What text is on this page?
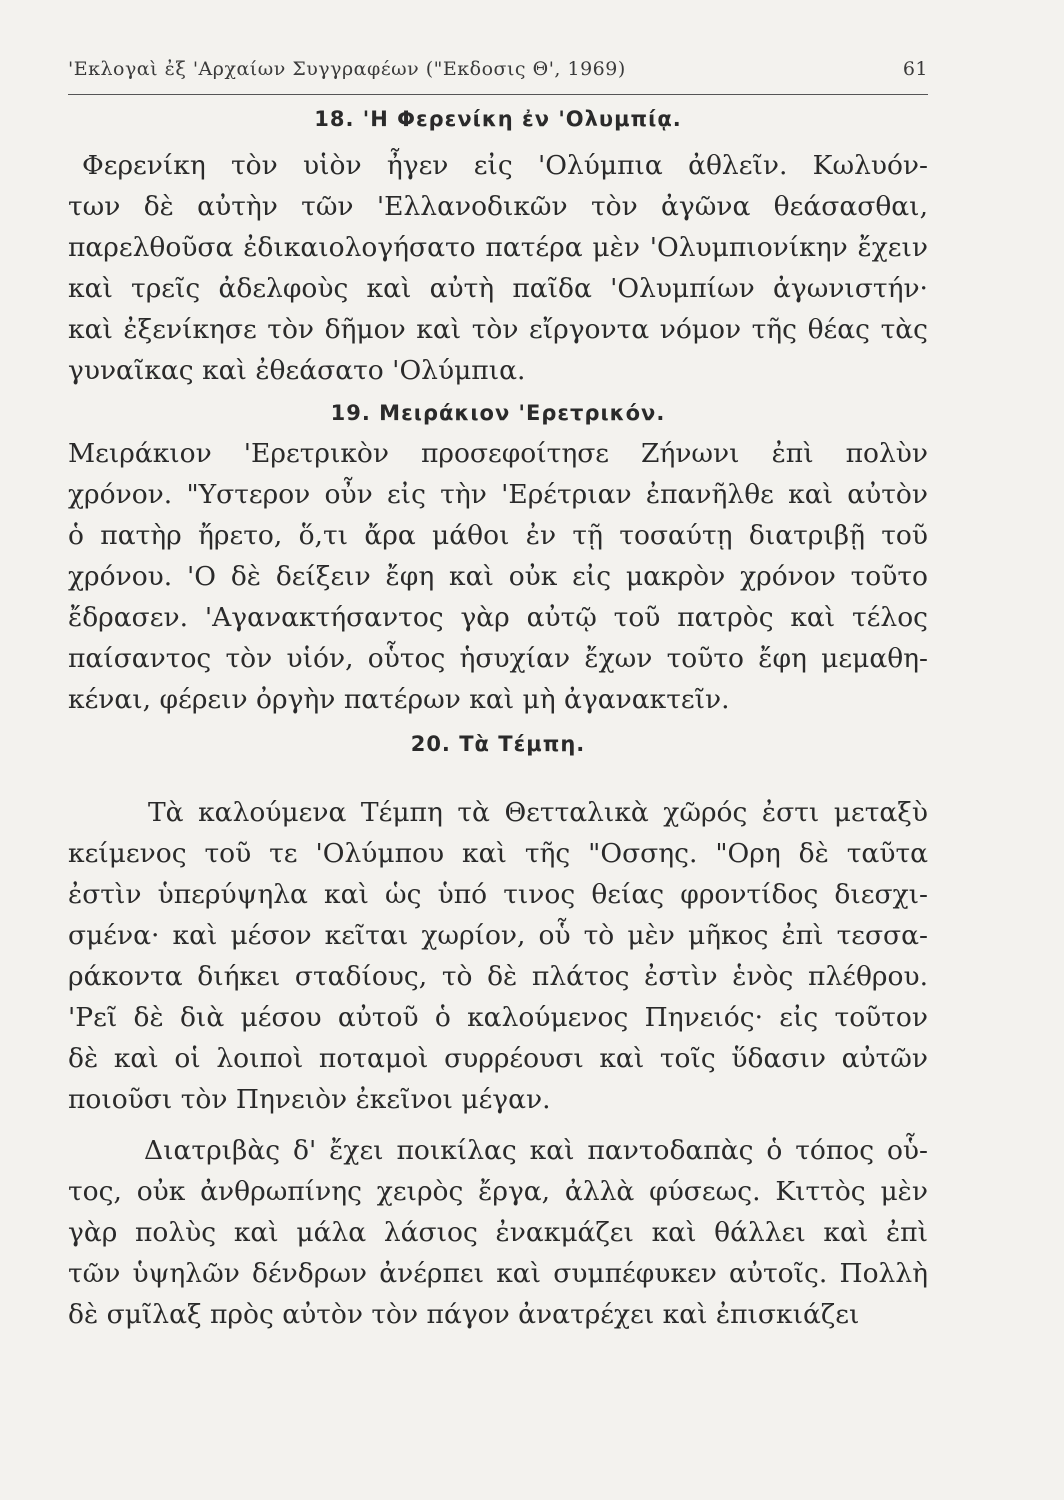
'Εκλογαὶ ἐξ 'Αρχαίων Συγγραφέων ("Εκδοσις Θ', 1969)	61
18. 'Η Φερενίκη ἐν 'Ολυμπίᾳ.

Φερενίκη τὸν υἱὸν ἦγεν εἰς 'Ολύμπια ἀθλεῖν. Κωλυόν-
των δὲ αὐτὴν τῶν 'Ελλανοδικῶν τὸν ἀγῶνα θεάσασθαι,
παρελθοῦσα ἐδικαιολογήσατο πατέρα μὲν 'Ολυμπιονίκην ἔχειν
καὶ τρεῖς ἀδελφοὺς καὶ αὐτὴ παῖδα 'Ολυμπίων ἀγωνιστήν·
καὶ ἐξενίκησε τὸν δῆμον καὶ τὸν εἴργοντα νόμον τῆς θέας τὰς
γυναῖκας καὶ ἐθεάσατο 'Ολύμπια.

19. Μειράκιον 'Ερετρικόν.

Μειράκιον 'Ερετρικὸν προσεφοίτησε Ζήνωνι ἐπὶ πολὺν
χρόνον. "Υστερον οὖν εἰς τὴν 'Ερέτριαν ἐπανῆλθε καὶ αὐτὸν
ὁ πατὴρ ἤρετο, ὅ,τι ἄρα μάθοι ἐν τῇ τοσαύτῃ διατριβῇ τοῦ
χρόνου. 'Ο δὲ δείξειν ἔφη καὶ οὐκ εἰς μακρὸν χρόνον τοῦτο
ἔδρασεν. 'Αγανακτήσαντος γὰρ αὐτῷ τοῦ πατρὸς καὶ τέλος
παίσαντος τὸν υἱόν, οὗτος ἡσυχίαν ἔχων τοῦτο ἔφη μεμαθη-
κέναι, φέρειν ὀργὴν πατέρων καὶ μὴ ἀγανακτεῖν.

20. Τὰ Τέμπη.

Τὰ καλούμενα Τέμπη τὰ Θετταλικὰ χῶρός ἐστι μεταξὺ
κείμενος τοῦ τε 'Ολύμπου καὶ τῆς "Οσσης. "Ορη δὲ ταῦτα
ἐστὶν ὑπερύψηλα καὶ ὡς ὑπό τινος θείας φροντίδος διεσχι-
σμένα· καὶ μέσον κεῖται χωρίον, οὗ τὸ μὲν μῆκος ἐπὶ τεσσα-
ράκοντα διήκει σταδίους, τὸ δὲ πλάτος ἐστὶν ἑνὸς πλέθρου.
'Ρεῖ δὲ διὰ μέσου αὐτοῦ ὁ καλούμενος Πηνειός· εἰς τοῦτον
δὲ καὶ οἱ λοιποὶ ποταμοὶ συρρέουσι καὶ τοῖς ὕδασιν αὐτῶν
ποιοῦσι τὸν Πηνειὸν ἐκεῖνοι μέγαν.

Διατριβὰς δ' ἔχει ποικίλας καὶ παντοδαπὰς ὁ τόπος οὗ-
τος, οὐκ ἀνθρωπίνης χειρὸς ἔργα, ἀλλὰ φύσεως. Κιττὸς μὲν
γὰρ πολὺς καὶ μάλα λάσιος ἐνακμάζει καὶ θάλλει καὶ ἐπὶ
τῶν ὑψηλῶν δένδρων ἀνέρπει καὶ συμπέφυκεν αὐτοῖς. Πολλὴ
δὲ σμῖλαξ πρὸς αὐτὸν τὸν πάγον ἀνατρέχει καὶ ἐπισκιάζει
